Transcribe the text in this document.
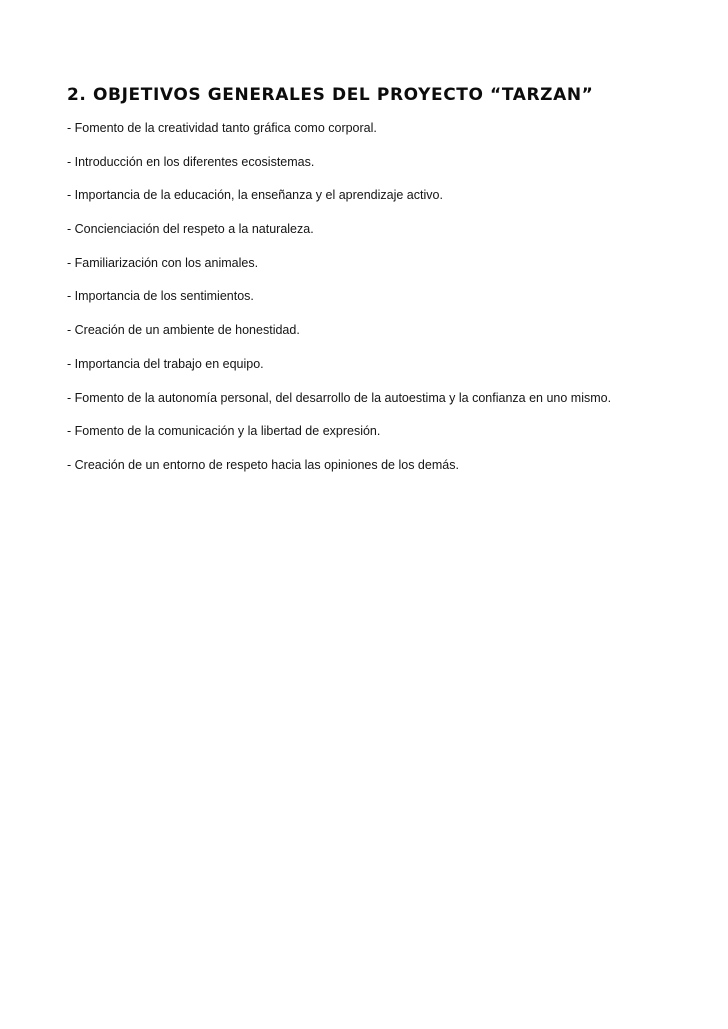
2. OBJETIVOS GENERALES DEL PROYECTO “TARZAN”
- Fomento de la creatividad tanto gráfica como corporal.
- Introducción en los diferentes ecosistemas.
- Importancia de la educación, la enseñanza y el aprendizaje activo.
- Concienciación del respeto a la naturaleza.
- Familiarización con los animales.
- Importancia de los sentimientos.
- Creación de un ambiente de honestidad.
- Importancia del trabajo en equipo.
- Fomento de la autonomía personal, del desarrollo de la autoestima y la confianza en uno mismo.
- Fomento de la comunicación y la libertad de expresión.
- Creación de un entorno de respeto hacia las opiniones de los demás.
